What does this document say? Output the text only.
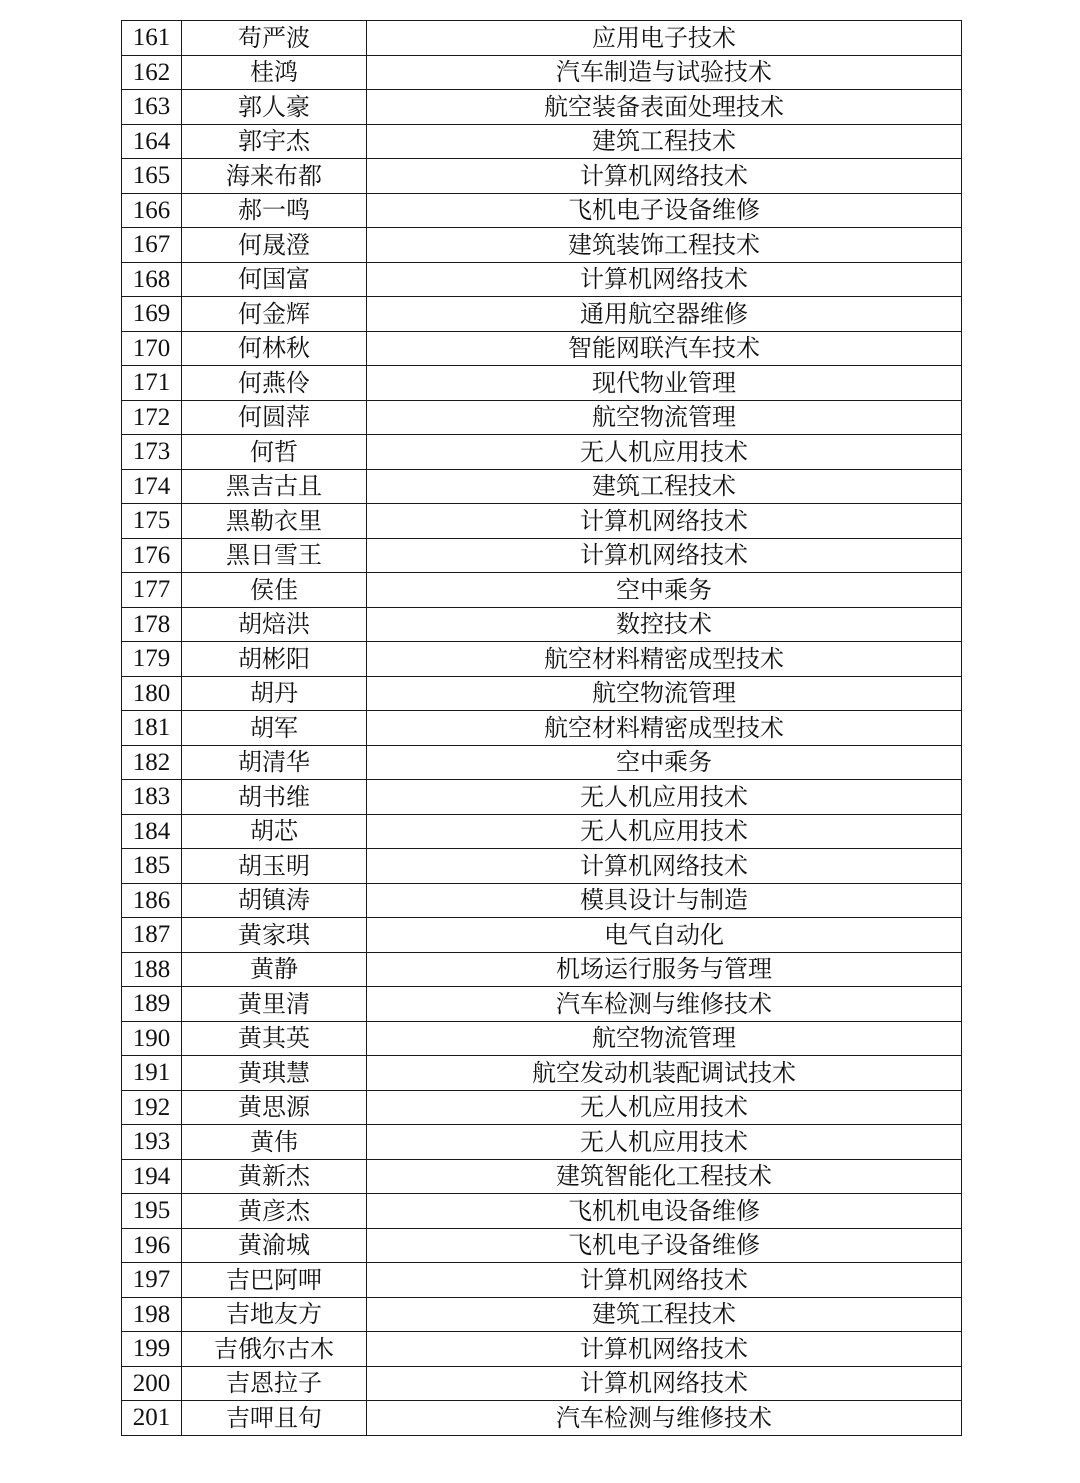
161	苟严波	应用电子技术
162	桂鸿	汽车制造与试验技术
163	郭人豪	航空装备表面处理技术
164	郭宇杰	建筑工程技术
165	海来布都	计算机网络技术
166	郝一鸣	飞机电子设备维修
167	何晟澄	建筑装饰工程技术
168	何国富	计算机网络技术
169	何金辉	通用航空器维修
170	何林秋	智能网联汽车技术
171	何燕伶	现代物业管理
172	何圆萍	航空物流管理
173	何哲	无人机应用技术
174	黑吉古且	建筑工程技术
175	黑勒衣里	计算机网络技术
176	黑日雪王	计算机网络技术
177	侯佳	空中乘务
178	胡焙洪	数控技术
179	胡彬阳	航空材料精密成型技术
180	胡丹	航空物流管理
181	胡军	航空材料精密成型技术
182	胡清华	空中乘务
183	胡书维	无人机应用技术
184	胡芯	无人机应用技术
185	胡玉明	计算机网络技术
186	胡镇涛	模具设计与制造
187	黄家琪	电气自动化
188	黄静	机场运行服务与管理
189	黄里清	汽车检测与维修技术
190	黄其英	航空物流管理
191	黄琪慧	航空发动机装配调试技术
192	黄思源	无人机应用技术
193	黄伟	无人机应用技术
194	黄新杰	建筑智能化工程技术
195	黄彦杰	飞机机电设备维修
196	黄渝城	飞机电子设备维修
197	吉巴阿呷	计算机网络技术
198	吉地友方	建筑工程技术
199	吉俄尔古木	计算机网络技术
200	吉恩拉子	计算机网络技术
201	吉呷且句	汽车检测与维修技术
